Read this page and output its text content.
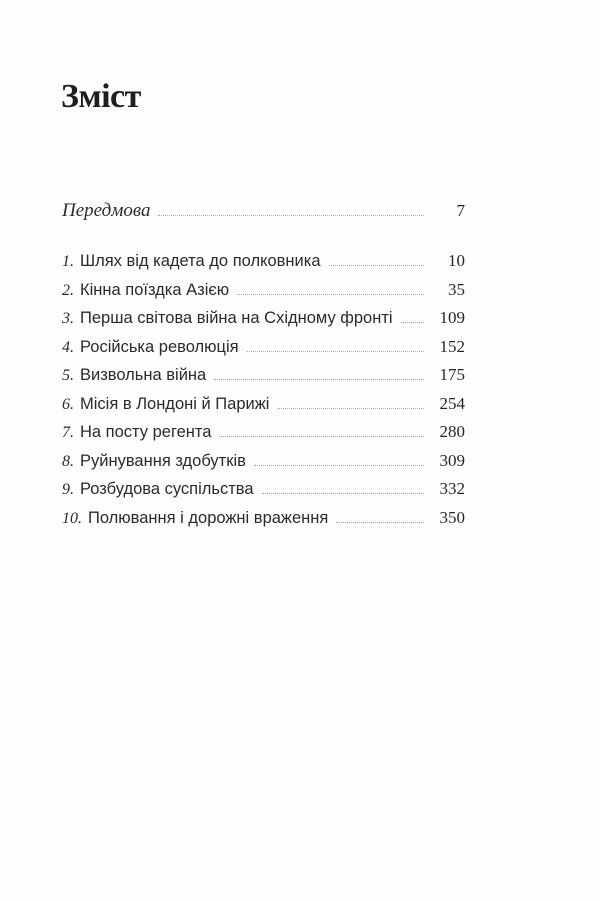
Зміст
Передмова	7
1. Шлях від кадета до полковника	10
2. Кінна поїздка Азією	35
3. Перша світова війна на Східному фронті	109
4. Російська революція	152
5. Визвольна війна	175
6. Місія в Лондоні й Парижі	254
7. На посту регента	280
8. Руйнування здобутків	309
9. Розбудова суспільства	332
10. Полювання і дорожні враження	350
